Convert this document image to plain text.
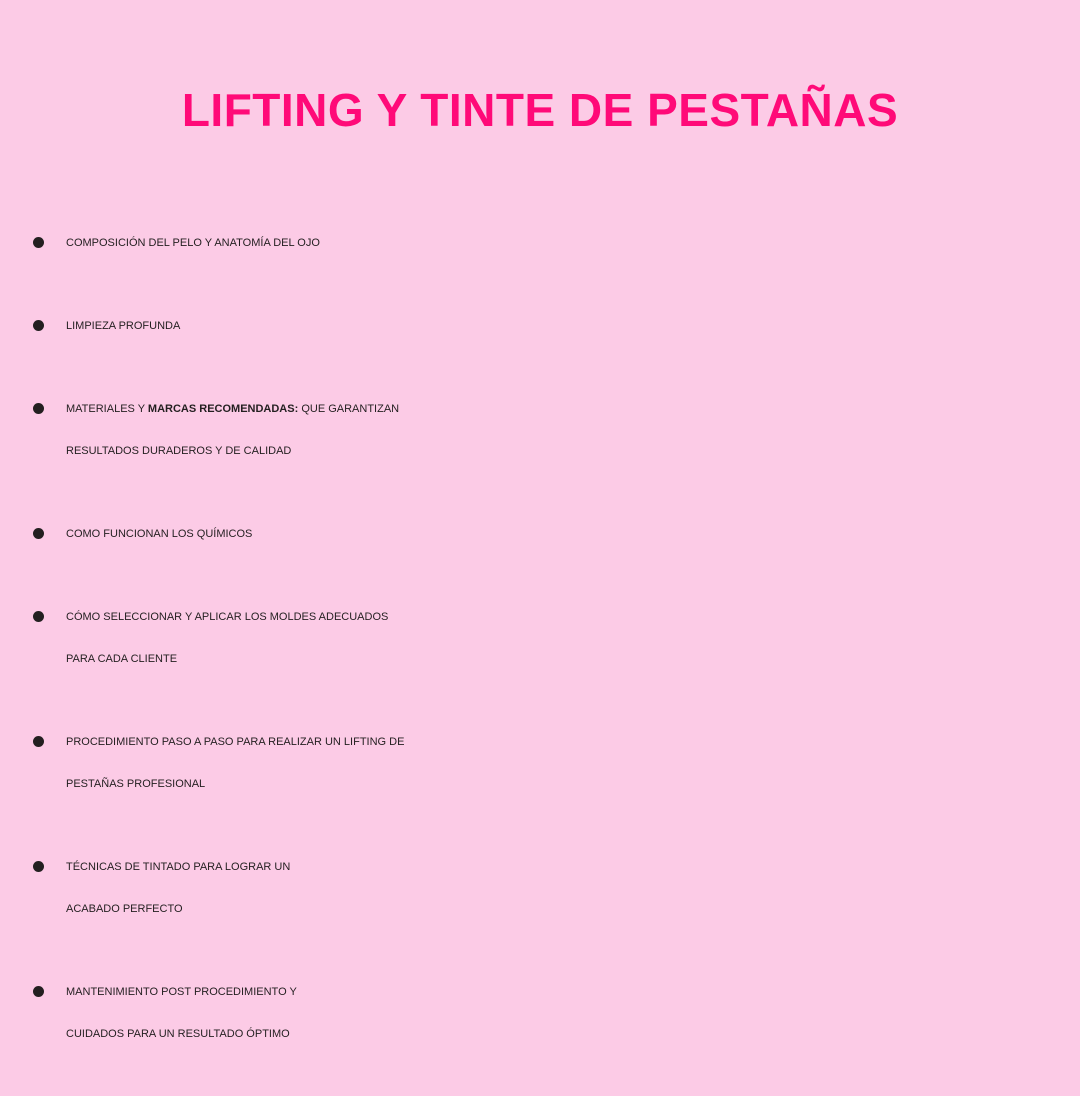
LIFTING Y TINTE DE PESTAÑAS
COMPOSICIÓN DEL PELO Y ANATOMÍA DEL OJO
LIMPIEZA PROFUNDA
MATERIALES Y MARCAS RECOMENDADAS: QUE GARANTIZAN
RESULTADOS DURADEROS Y DE CALIDAD
COMO FUNCIONAN LOS QUÍMICOS
CÓMO SELECCIONAR Y APLICAR LOS MOLDES ADECUADOS
PARA CADA CLIENTE
PROCEDIMIENTO PASO A PASO PARA REALIZAR UN LIFTING DE
PESTAÑAS PROFESIONAL
TÉCNICAS DE TINTADO PARA LOGRAR UN
ACABADO PERFECTO
MANTENIMIENTO POST PROCEDIMIENTO Y
CUIDADOS PARA UN RESULTADO ÓPTIMO
